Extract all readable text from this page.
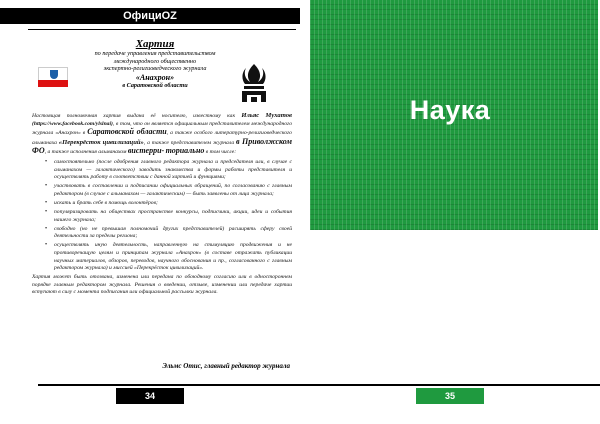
ОфициOZ
Хартия
по передаче управления представительством
международного общественно
экспертно-религиоведческого журнала
«Анахрон»
в Саратовской области

Настоящая полномочная хартия выдана её носителю, известному как Ильяс Мухатов (https://www.facebook.com/ylslnai), в том, что он является официальным представителем международного журнала «Анахрон» в Саратовской области, а также особого литературно-религиоведческого альманаха «Перекрёсток цивилизаций», а также представителем журнала в Приволжском ФО, а также исполнения альманахом вистерри- ториально в том числе:

• самостоятельно (после одобрения главного редактора журнала и председателя или, в случае с альманахом — галактического) заводить знакомства и формы работы представителя и осуществлять работу в соответствии с данной хартией и функциями;
• участвовать в составлении и подписании официальных обращений, по согласованию с главным редактором (в случае с альманахом — галактическим) — быть заявлены от лица журнала;
• искать и брать себе в помощь волонтёров;
• популяризировать на обществах пространстве конкурсы, подписчики, акции, идеи и события нашего журнала;
• свободно (но не превышая полномочий других представителей) расширять сферу своей деятельности за пределы региона;
• осуществлять иную деятельность, направленную на стимуляцию продвижения и не противоречащую целям и принципам журнала «Анахрон» (в составе отражать публикации научных материалов, обзоров, переводов, научного обоснования и пр., согласованного с главным редактором журнала) и миссией «Перекрёсток цивилизаций».

Хартия может быть отозвана, изменена или передана по обоюдному согласию или в одностороннем порядке главным редактором журнала. Решения о введении, отзыве, изменении или передаче хартии вступают в силу с момента подписания или официальной рассылки журнала.

Эльмс Отис, главный редактор журнала
34
Наука
35
